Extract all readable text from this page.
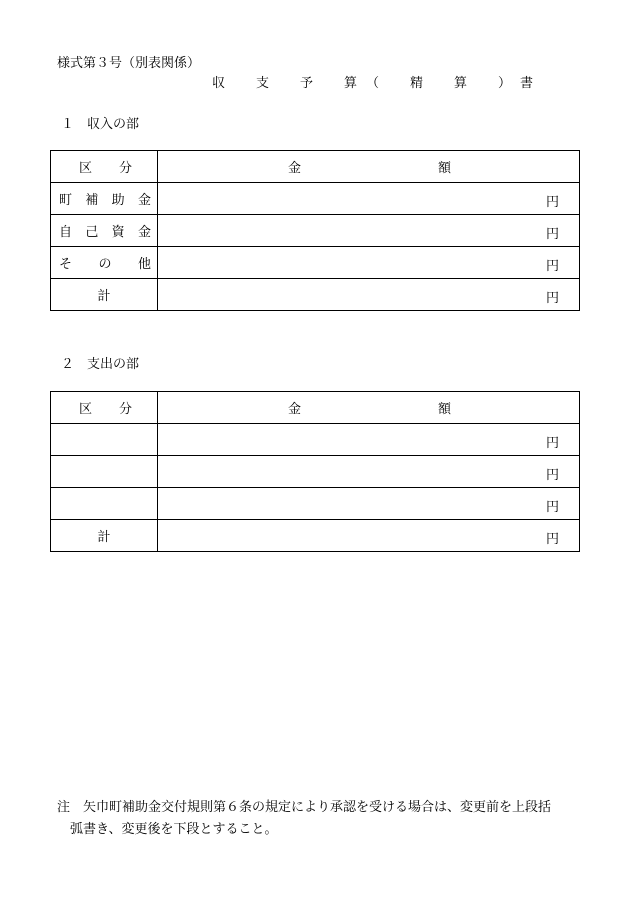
様式第３号（別表関係）
収　支　予　算（　精　算　）書
１　収入の部
区 分	金 額

町 補 助 金	円

自 己 資 金	円

そ の 他	円

計	円
２　支出の部
区 分	金 額

	円

	円

	円

計	円
注　矢巾町補助金交付規則第６条の規定により承認を受ける場合は、変更前を上段括
弧書き、変更後を下段とすること。
